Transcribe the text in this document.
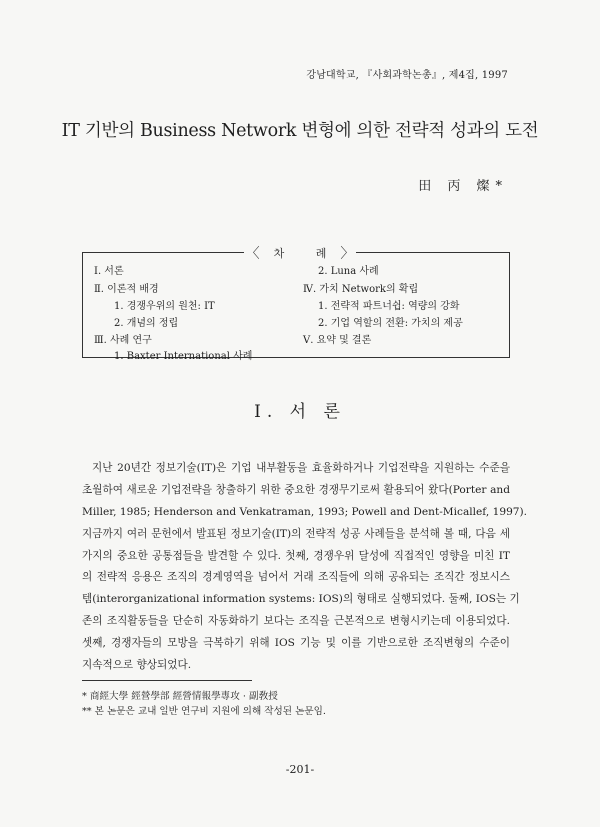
강남대학교, 『사회과학논총』, 제4집, 1997
IT 기반의 Business Network 변형에 의한 전략적 성과의 도전
田 丙 燦*
〈 차 례 〉
Ⅰ. 서론
Ⅱ. 이론적 배경
1. 경쟁우위의 원천: IT
2. 개념의 정립
Ⅲ. 사례 연구
1. Baxter International 사례
2. Luna 사례
Ⅳ. 가치 Network의 확립
1. 전략적 파트너쉽: 역량의 강화
2. 기업 역할의 전환: 가치의 제공
Ⅴ. 요약 및 결론
Ⅰ. 서 론
지난 20년간 정보기술(IT)은 기업 내부활동을 효율화하거나 기업전략을 지원하는 수준을
초월하여 새로운 기업전략을 창출하기 위한 중요한 경쟁무기로써 활용되어 왔다(Porter and
Miller, 1985; Henderson and Venkatraman, 1993; Powell and Dent-Micallef, 1997).
지금까지 여러 문헌에서 발표된 정보기술(IT)의 전략적 성공 사례들을 분석해 볼 때, 다음 세
가지의 중요한 공통점들을 발견할 수 있다. 첫째, 경쟁우위 달성에 직접적인 영향을 미친 IT
의 전략적 응용은 조직의 경계영역을 넘어서 거래 조직들에 의해 공유되는 조직간 정보시스
템(interorganizational information systems: IOS)의 형태로 실행되었다. 둘째, IOS는 기
존의 조직활동들을 단순히 자동화하기 보다는 조직을 근본적으로 변형시키는데 이용되었다.
셋째, 경쟁자들의 모방을 극복하기 위해 IOS 기능 및 이를 기반으로한 조직변형의 수준이
지속적으로 향상되었다.
* 商經大學 經營學部 經營情報學專攻 · 副敎授
** 본 논문은 교내 일반 연구비 지원에 의해 작성된 논문임.
-201-
